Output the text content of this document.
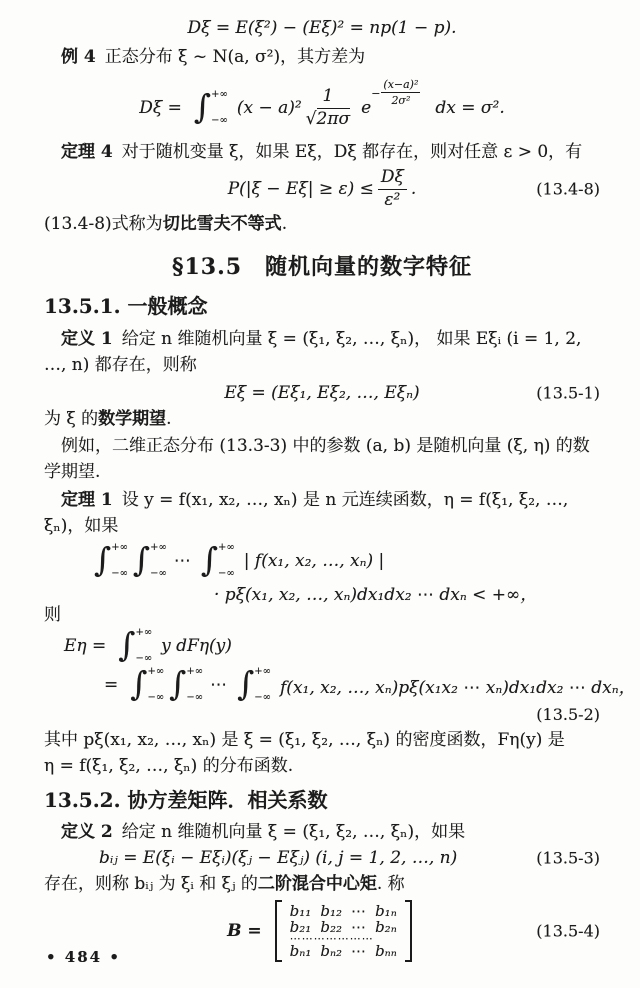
Dξ = E(ξ²) − (Eξ)² = np(1 − p).

例 4 正态分布 ξ ~ N(a, σ²)，其方差为

Dξ = ∫ +∞
−∞
$(x - a)^2 \frac{1}{√2\pi\sigma}$ e
− $\frac{\text{(x−a)²}}{\text{2σ²}}$
dx = σ².

定理 4 对于随机变量 ξ，如果 Eξ，Dξ 都存在，则对任意 ε > 0，有

$P(|\xi - E\xi| \ge \varepsilon) \le \frac{D\xi}{\text{ε²}}$ .	(13.4-8)

(13.4-8)式称为切比雪夫不等式.

§13.5　随机向量的数字特征
13.5.1. 一般概念

定义 1 给定 n 维随机向量 ξ = (ξ₁, ξ₂, …, ξₙ)， 如果 Eξᵢ (i = 1, 2,

…, n) 都存在，则称

Eξ = (Eξ₁, Eξ₂, …, Eξₙ)	(13.5-1)

为 ξ 的数学期望.

例如，二维正态分布 (13.3-3) 中的参数 (a, b) 是随机向量 (ξ, η) 的数

学期望.

定理 1 设 y = f(x₁, x₂, …, xₙ) 是 n 元连续函数，η = f(ξ₁, ξ₂, …,

ξₙ)，如果

∫ +∞
−∞ ∫ +∞
−∞
⋯ ∫ +∞
−∞
| f(x₁, x₂, …, xₙ) |
· pξ(x₁, x₂, …, xₙ)dx₁dx₂ ⋯ dxₙ < +∞，

则

Eη = ∫ +∞
−∞
y dFη(y)
= ∫ +∞
−∞ ∫ +∞
−∞
⋯ ∫ +∞
−∞ f(x₁, x₂, …, xₙ)pξ(x₁x₂ ⋯ xₙ)dx₁dx₂ ⋯ dxₙ，
(13.5-2)

其中 pξ(x₁, x₂, …, xₙ) 是 ξ = (ξ₁, ξ₂, …, ξₙ) 的密度函数，Fη(y) 是

η = f(ξ₁, ξ₂, …, ξₙ) 的分布函数.

13.5.2. 协方差矩阵．相关系数

定义 2 给定 n 维随机向量 ξ = (ξ₁, ξ₂, …, ξₙ)，如果

bᵢⱼ = E(ξᵢ − Eξᵢ)(ξⱼ − Eξⱼ) (i, j = 1, 2, …, n)	(13.5-3)

存在，则称 bᵢⱼ 为 ξᵢ 和 ξⱼ 的二阶混合中心矩. 称

B =
b₁₁ b₁₂ ⋯ b₁ₙ
b₂₁ b₂₂ ⋯ b₂ₙ
⋯⋯⋯⋯⋯⋯⋯
bₙ₁ bₙ₂ ⋯ bₙₙ
(13.5-4)
• 484 •
